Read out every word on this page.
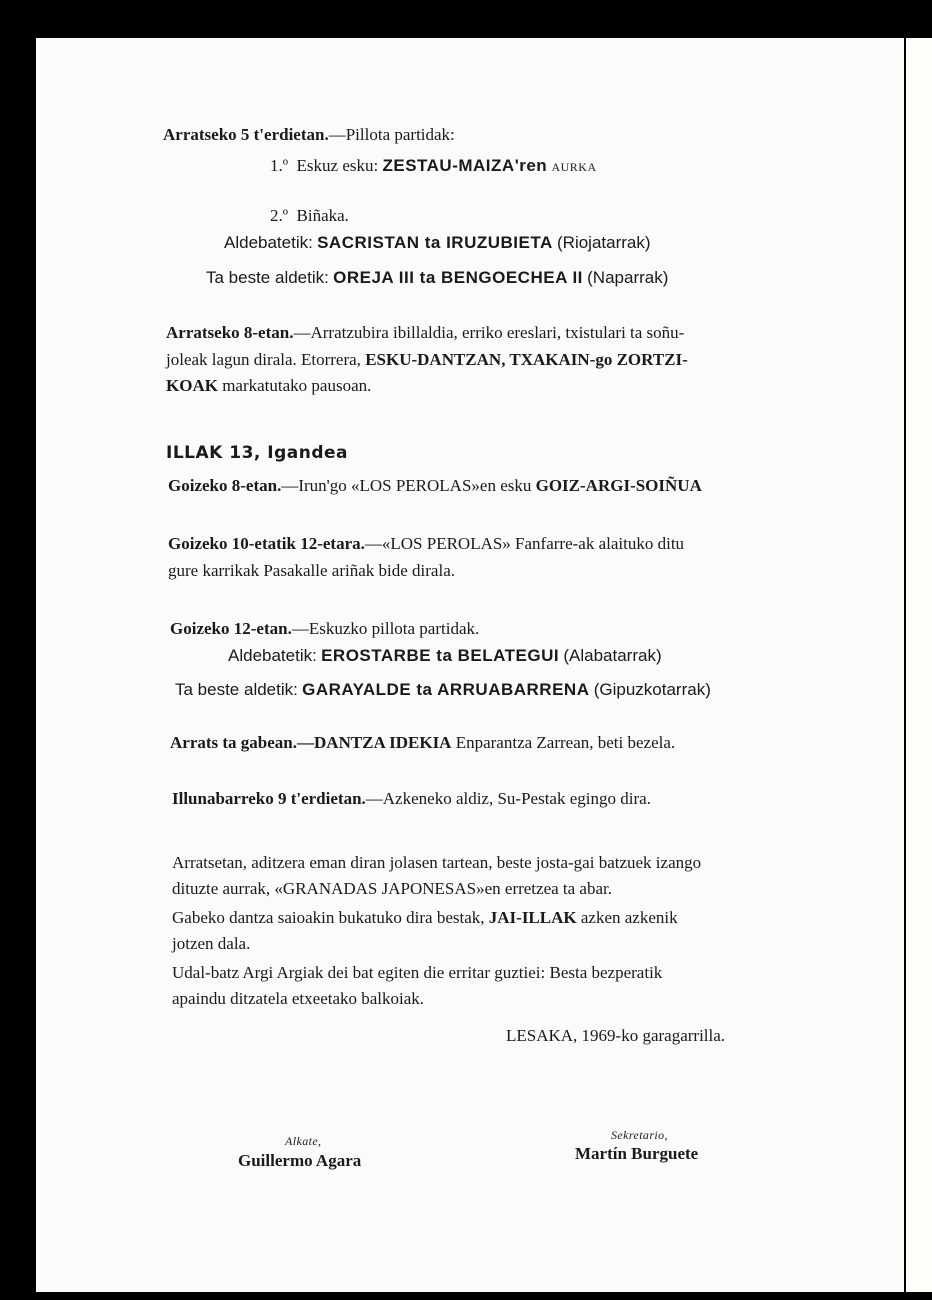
Arratseko 5 t'erdietan.—Pillota partidak:
1.º Eskuz esku: ZESTAU-MAIZA'ren AURKA
2.º Biñaka.
Aldebatetik: SACRISTAN ta IRUZUBIETA (Riojatarrak)
Ta beste aldetik: OREJA III ta BENGOECHEA II (Naparrak)
Arratseko 8-etan.—Arratzubira ibillaldia, erriko ereslari, txistulari ta soñu-
joleak lagun dirala. Etorrera, ESKU-DANTZAN, TXAKAIN-go ZORTZI-
KOAK markatutako pausoan.
ILLAK 13, Igandea
Goizeko 8-etan.—Irun'go «LOS PEROLAS»en esku GOIZ-ARGI-SOIÑUA
Goizeko 10-etatik 12-etara.—«LOS PEROLAS» Fanfarre-ak alaituko ditu
gure karrikak Pasakalle ariñak bide dirala.
Goizeko 12-etan.—Eskuzko pillota partidak.
Aldebatetik: EROSTARBE ta BELATEGUI (Alabatarrak)
Ta beste aldetik: GARAYALDE ta ARRUABARRENA (Gipuzkotarrak)
Arrats ta gabean.—DANTZA IDEKIA Enparantza Zarrean, beti bezela.
Illunabarreko 9 t'erdietan.—Azkeneko aldiz, Su-Pestak egingo dira.
Arratsetan, aditzera eman diran jolasen tartean, beste josta-gai batzuek izango
dituzte aurrak, «GRANADAS JAPONESAS»en erretzea ta abar.
Gabeko dantza saioakin bukatuko dira bestak, JAI-ILLAK azken azkenik
jotzen dala.
Udal-batz Argi Argiak dei bat egiten die erritar guztiei: Besta bezperatik
apaindu ditzatela etxeetako balkoiak.
LESAKA, 1969-ko garagarrilla.
Alkate,
Guillermo Agara
Sekretario,
Martín Burguete
